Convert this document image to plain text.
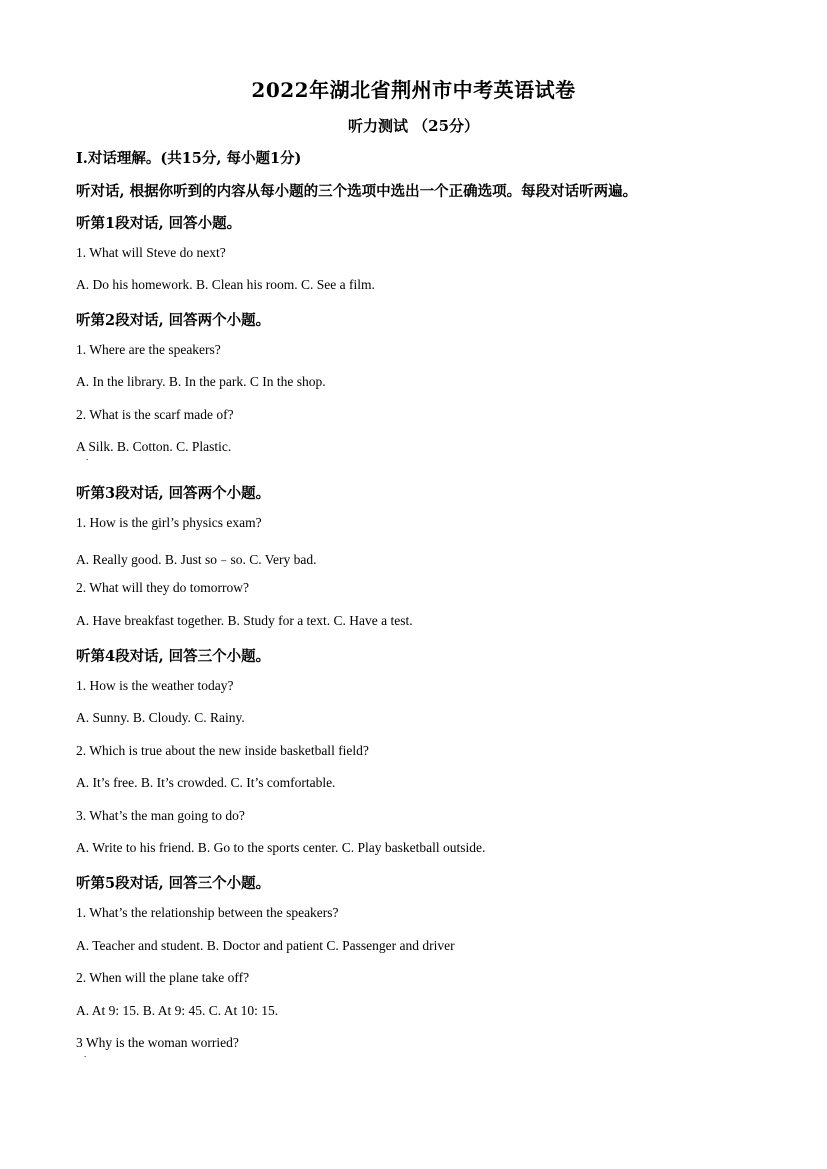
2022年湖北省荆州市中考英语试卷
听力测试 （25分）
Ⅰ.对话理解。(共15分, 每小题1分)
听对话, 根据你听到的内容从每小题的三个选项中选出一个正确选项。每段对话听两遍。
听第1段对话, 回答小题。
1. What will Steve do next?
A. Do his homework. B. Clean his room. C. See a film.
听第2段对话, 回答两个小题。
1. Where are the speakers?
A. In the library. B. In the park. C In the shop.
2. What is the scarf made of?
A Silk. B. Cotton. C. Plastic.
.
听第3段对话, 回答两个小题。
1. How is the girl’s physics exam?
A. Really good. B. Just so﹣so. C. Very bad.
2. What will they do tomorrow?
A. Have breakfast together. B. Study for a text. C. Have a test.
听第4段对话, 回答三个小题。
1. How is the weather today?
A. Sunny. B. Cloudy. C. Rainy.
2. Which is true about the new inside basketball field?
A. It’s free. B. It’s crowded. C. It’s comfortable.
3. What’s the man going to do?
A. Write to his friend. B. Go to the sports center. C. Play basketball outside.
听第5段对话, 回答三个小题。
1. What’s the relationship between the speakers?
A. Teacher and student. B. Doctor and patient C. Passenger and driver
2. When will the plane take off?
A. At 9: 15. B. At 9: 45. C. At 10: 15.
3 Why is the woman worried?
.
